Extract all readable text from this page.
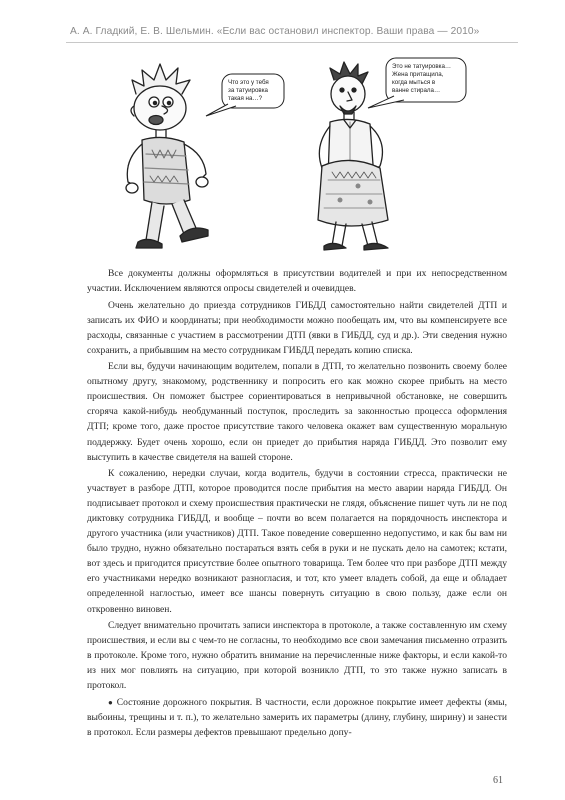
А. А. Гладкий, Е. В. Шельмин. «Если вас остановил инспектор. Ваши права — 2010»
Что это у тебя
за татуировка
такая на…?
Это не татуировка…
Жена притащила,
когда мыться в
ванне стирала…

Все документы должны оформляться в присутствии водителей и при их непосредственном участии. Исключением являются опросы свидетелей и очевидцев.

Очень желательно до приезда сотрудников ГИБДД самостоятельно найти свидетелей ДТП и записать их ФИО и координаты; при необходимости можно пообещать им, что вы компенсируете все расходы, связанные с участием в рассмотрении ДТП (явки в ГИБДД, суд и др.). Эти сведения нужно сохранить, а прибывшим на место сотрудникам ГИБДД передать копию списка.

Если вы, будучи начинающим водителем, попали в ДТП, то желательно позвонить своему более опытному другу, знакомому, родственнику и попросить его как можно скорее прибыть на место происшествия. Он поможет быстрее сориентироваться в непривычной обстановке, не совершить сгоряча какой-нибудь необдуманный поступок, проследить за законностью процесса оформления ДТП; кроме того, даже простое присутствие такого человека окажет вам существенную моральную поддержку. Будет очень хорошо, если он приедет до прибытия наряда ГИБДД. Это позволит ему выступить в качестве свидетеля на вашей стороне.

К сожалению, нередки случаи, когда водитель, будучи в состоянии стресса, практически не участвует в разборе ДТП, которое проводится после прибытия на место аварии наряда ГИБДД. Он подписывает протокол и схему происшествия практически не глядя, объяснение пишет чуть ли не под диктовку сотрудника ГИБДД, и вообще – почти во всем полагается на порядочность инспектора и другого участника (или участников) ДТП. Такое поведение совершенно недопустимо, и как бы вам ни было трудно, нужно обязательно постараться взять себя в руки и не пускать дело на самотек; кстати, вот здесь и пригодится присутствие более опытного товарища. Тем более что при разборе ДТП между его участниками нередко возникают разногласия, и тот, кто умеет владеть собой, да еще и обладает определенной наглостью, имеет все шансы повернуть ситуацию в свою пользу, даже если он откровенно виновен.

Следует внимательно прочитать записи инспектора в протоколе, а также составленную им схему происшествия, и если вы с чем-то не согласны, то необходимо все свои замечания письменно отразить в протоколе. Кроме того, нужно обратить внимание на перечисленные ниже факторы, и если какой-то из них мог повлиять на ситуацию, при которой возникло ДТП, то это также нужно записать в протокол.

● Состояние дорожного покрытия. В частности, если дорожное покрытие имеет дефекты (ямы, выбоины, трещины и т. п.), то желательно замерить их параметры (длину, глубину, ширину) и занести в протокол. Если размеры дефектов превышают предельно допу-

61
